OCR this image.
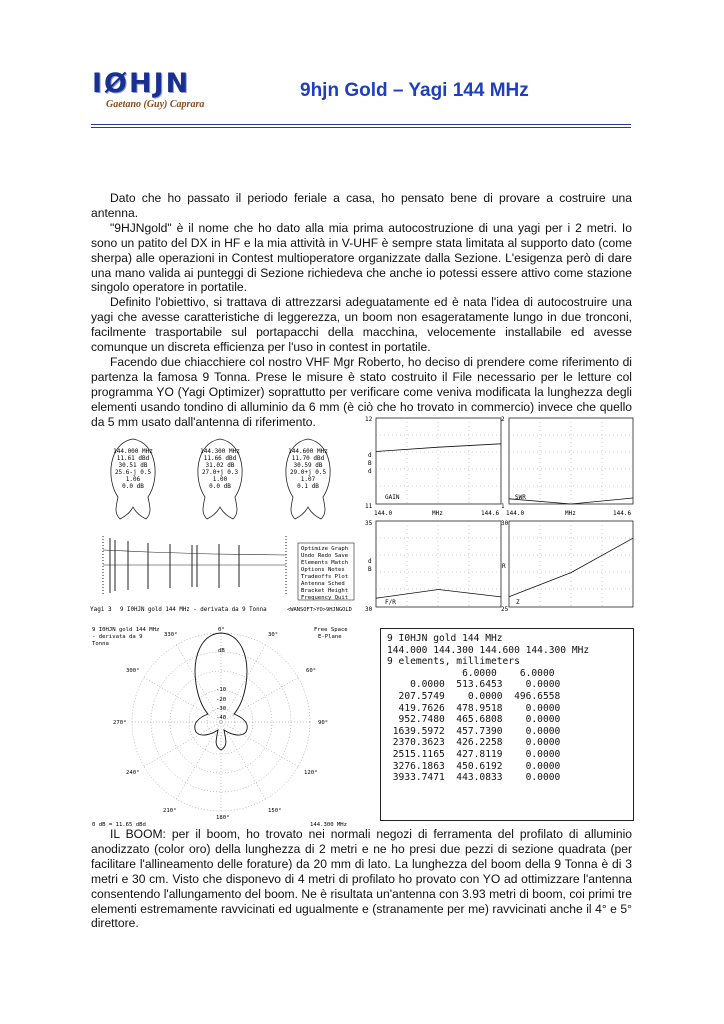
IØHJN
Gaetano (Guy) Caprara
9hjn Gold – Yagi 144 MHz

Dato che ho passato il periodo feriale a casa, ho pensato bene di provare a costruire una antenna.

"9HJNgold" è il nome che ho dato alla mia prima autocostruzione di una yagi per i 2 metri. Io sono un patito del DX in HF e la mia attività in V-UHF è sempre stata limitata al supporto dato (come sherpa) alle operazioni in Contest multioperatore organizzate dalla Sezione. L'esigenza però di dare una mano valida ai punteggi di Sezione richiedeva che anche io potessi essere attivo come stazione singolo operatore in portatile.

Definito l'obiettivo, si trattava di attrezzarsi adeguatamente ed è nata l'idea di autocostruire una yagi che avesse caratteristiche di leggerezza, un boom non esageratamente lungo in due tronconi, facilmente trasportabile sul portapacchi della macchina, velocemente installabile ed avesse comunque un discreta efficienza per l'uso in contest in portatile.

Facendo due chiacchiere col nostro VHF Mgr Roberto, ho deciso di prendere come riferimento di partenza la famosa 9 Tonna. Prese le misure è stato costruito il File necessario per le letture col programma YO (Yagi Optimizer) soprattutto per verificare come veniva modificata la lunghezza degli elementi usando tondino di alluminio da 6 mm (è ciò che ho trovato in commercio) invece che quello da 5 mm usato dall'antenna di riferimento.

144.000 MHz
11.61 dBd
30.51 dB
25.6-j 0.5
1.06
0.0 dB
144.300 MHz
11.66 dBd
31.02 dB
27.0+j 0.3
1.00
0.0 dB
144.600 MHz
11.70 dBd
30.59 dB
29.0+j 0.5
1.07
0.1 dB
Optimize Graph
Undo Redo Save
Elements Match
Options Notes
Tradeoffs Plot
Antenna Sched
Bracket Height
Frequency Quit
Yagi 3 9 I0HJN gold 144 MHz - derivata da 9 Tonna	<WANSOFT>YO>9HJNGOLD
12
11
d
B
d
GAIN
144.0	MHz	144.6
2
1
SWR
144.0	MHz	144.6
35
30
d
B
F/R
30
25
R
Z
9 I0HJN gold 144 MHz
- derivata da 9
Tonna
Free Space
E-Plane
dB
-10
-20
-30
-40
0°
30°
60°
90°
120°
150°
180°
210°
240°
270°
300°
330°
0 dB = 11.65 dBd	144.300 MHz
9 I0HJN gold 144 MHz
144.000 144.300 144.600 144.300 MHz
9 elements, millimeters
6.0000    6.0000
0.0000  513.6453    0.0000
207.5749    0.0000  496.6558
419.7626  478.9518    0.0000
952.7480  465.6808    0.0000
1639.5972  457.7390    0.0000
2370.3623  426.2258    0.0000
2515.1165  427.8119    0.0000
3276.1863  450.6192    0.0000
3933.7471  443.0833    0.0000

IL BOOM: per il boom, ho trovato nei normali negozi di ferramenta del profilato di alluminio anodizzato (color oro) della lunghezza di 2 metri e ne ho presi due pezzi di sezione quadrata (per facilitare l'allineamento delle forature) da 20 mm di lato. La lunghezza del boom della 9 Tonna è di 3 metri e 30 cm. Visto che disponevo di 4 metri di profilato ho provato con YO ad ottimizzare l'antenna consentendo l'allungamento del boom. Ne è risultata un'antenna con 3.93 metri di boom, coi primi tre elementi estremamente ravvicinati ed ugualmente e (stranamente per me) ravvicinati anche il 4° e 5° direttore.
